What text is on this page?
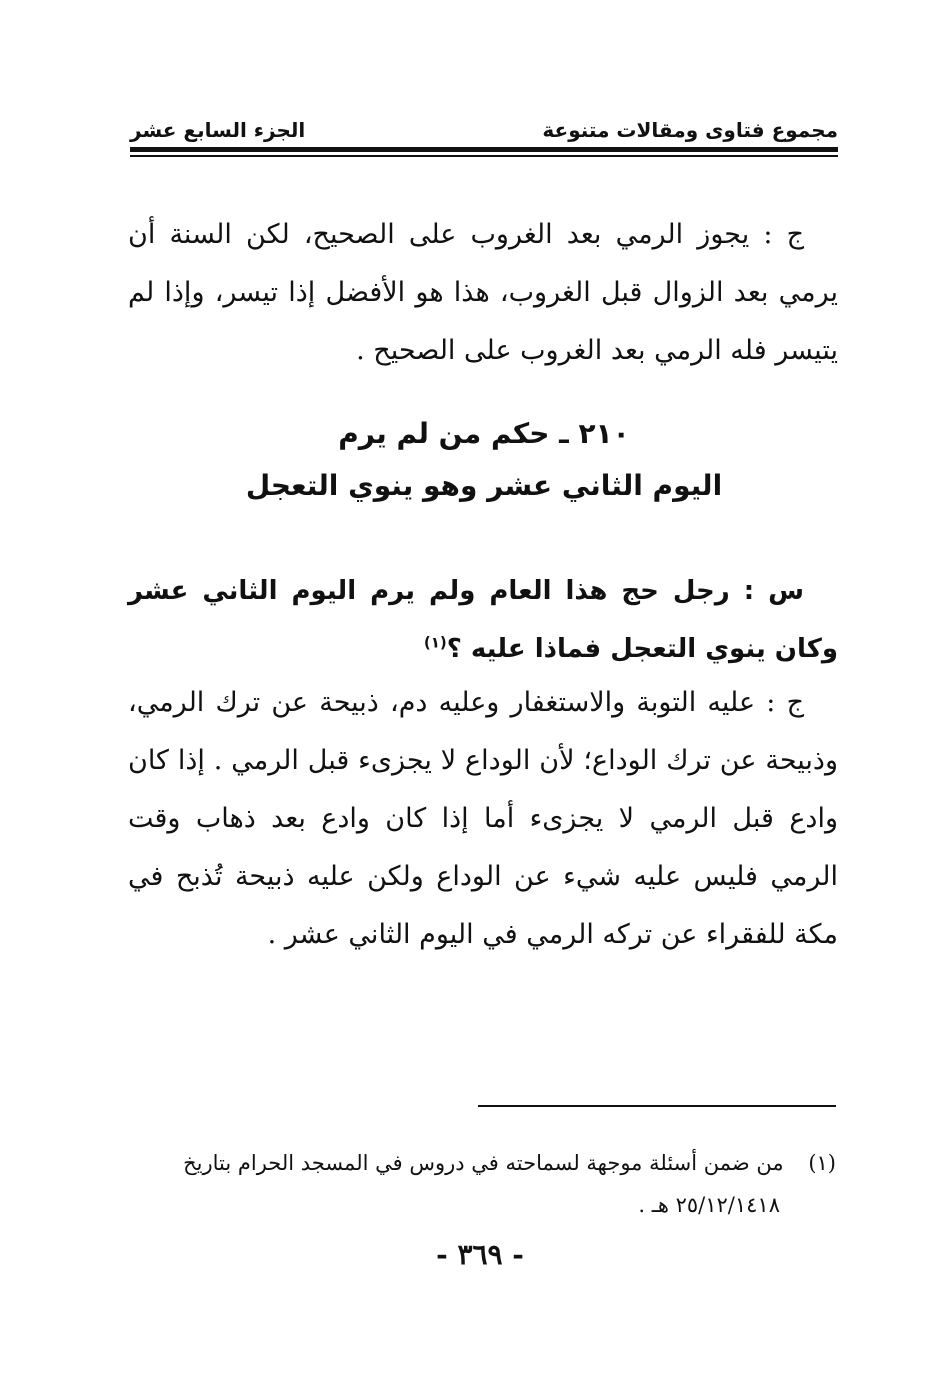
مجموع فتاوى ومقالات متنوعة
الجزء السابع عشر
ج : يجوز الرمي بعد الغروب على الصحيح، لكن السنة أن يرمي بعد الزوال قبل الغروب، هذا هو الأفضل إذا تيسر، وإذا لم يتيسر فله الرمي بعد الغروب على الصحيح .
٢١٠ ـ حكم من لم يرم
اليوم الثاني عشر وهو ينوي التعجل
س : رجل حج هذا العام ولم يرم اليوم الثاني عشر وكان ينوي التعجل فماذا عليه ؟$^{(١)}$
ج : عليه التوبة والاستغفار وعليه دم، ذبيحة عن ترك الرمي، وذبيحة عن ترك الوداع؛ لأن الوداع لا يجزىء قبل الرمي . إذا كان وادع قبل الرمي لا يجزىء أما إذا كان وادع بعد ذهاب وقت الرمي فليس عليه شيء عن الوداع ولكن عليه ذبيحة تُذبح في مكة للفقراء عن تركه الرمي في اليوم الثاني عشر .
(١) من ضمن أسئلة موجهة لسماحته في دروس في المسجد الحرام بتاريخ
٢٥/١٢/١٤١٨ هـ .
- ٣٦٩ -
